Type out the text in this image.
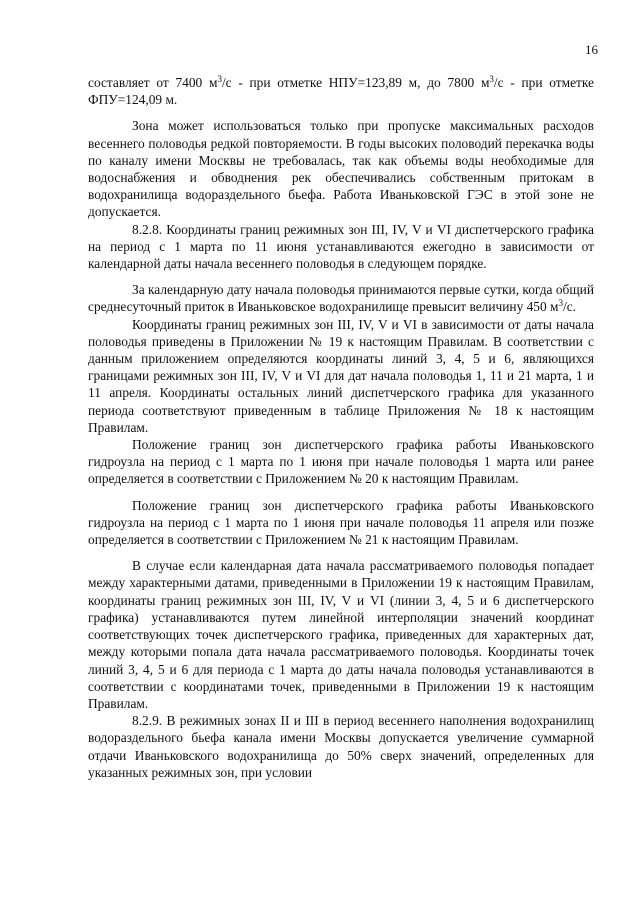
16

составляет от 7400 $м^3/с$ - при отметке НПУ=123,89 м, до 7800 $м^3/с$ - при отметке ФПУ=124,09 м.

Зона может использоваться только при пропуске максимальных расходов весеннего половодья редкой повторяемости. В годы высоких половодий перекачка воды по каналу имени Москвы не требовалась, так как объемы воды необходимые для водоснабжения и обводнения рек обеспечивались собственным притокам в водохранилища водораздельного бьефа. Работа Иваньковской ГЭС в этой зоне не допускается.

8.2.8. Координаты границ режимных зон III, IV, V и VI диспетчерского графика на период с 1 марта по 11 июня устанавливаются ежегодно в зависимости от календарной даты начала весеннего половодья в следующем порядке.

За календарную дату начала половодья принимаются первые сутки, когда общий среднесуточный приток в Иваньковское водохранилище превысит величину 450 $м^3/с$.

Координаты границ режимных зон III, IV, V и VI в зависимости от даты начала половодья приведены в Приложении № 19 к настоящим Правилам. В соответствии с данным приложением определяются координаты линий 3, 4, 5 и 6, являющихся границами режимных зон III, IV, V и VI для дат начала половодья 1, 11 и 21 марта, 1 и 11 апреля. Координаты остальных линий диспетчерского графика для указанного периода соответствуют приведенным в таблице Приложения № 18 к настоящим Правилам.

Положение границ зон диспетчерского графика работы Иваньковского гидроузла на период с 1 марта по 1 июня при начале половодья 1 марта или ранее определяется в соответствии с Приложением № 20 к настоящим Правилам.

Положение границ зон диспетчерского графика работы Иваньковского гидроузла на период с 1 марта по 1 июня при начале половодья 11 апреля или позже определяется в соответствии с Приложением № 21 к настоящим Правилам.

В случае если календарная дата начала рассматриваемого половодья попадает между характерными датами, приведенными в Приложении 19 к настоящим Правилам, координаты границ режимных зон III, IV, V и VI (линии 3, 4, 5 и 6 диспетчерского графика) устанавливаются путем линейной интерполяции значений координат соответствующих точек диспетчерского графика, приведенных для характерных дат, между которыми попала дата начала рассматриваемого половодья. Координаты точек линий 3, 4, 5 и 6 для периода с 1 марта до даты начала половодья устанавливаются в соответствии с координатами точек, приведенными в Приложении 19 к настоящим Правилам.

8.2.9. В режимных зонах II и III в период весеннего наполнения водохранилищ водораздельного бьефа канала имени Москвы допускается увеличение суммарной отдачи Иваньковского водохранилища до 50% сверх значений, определенных для указанных режимных зон, при условии
